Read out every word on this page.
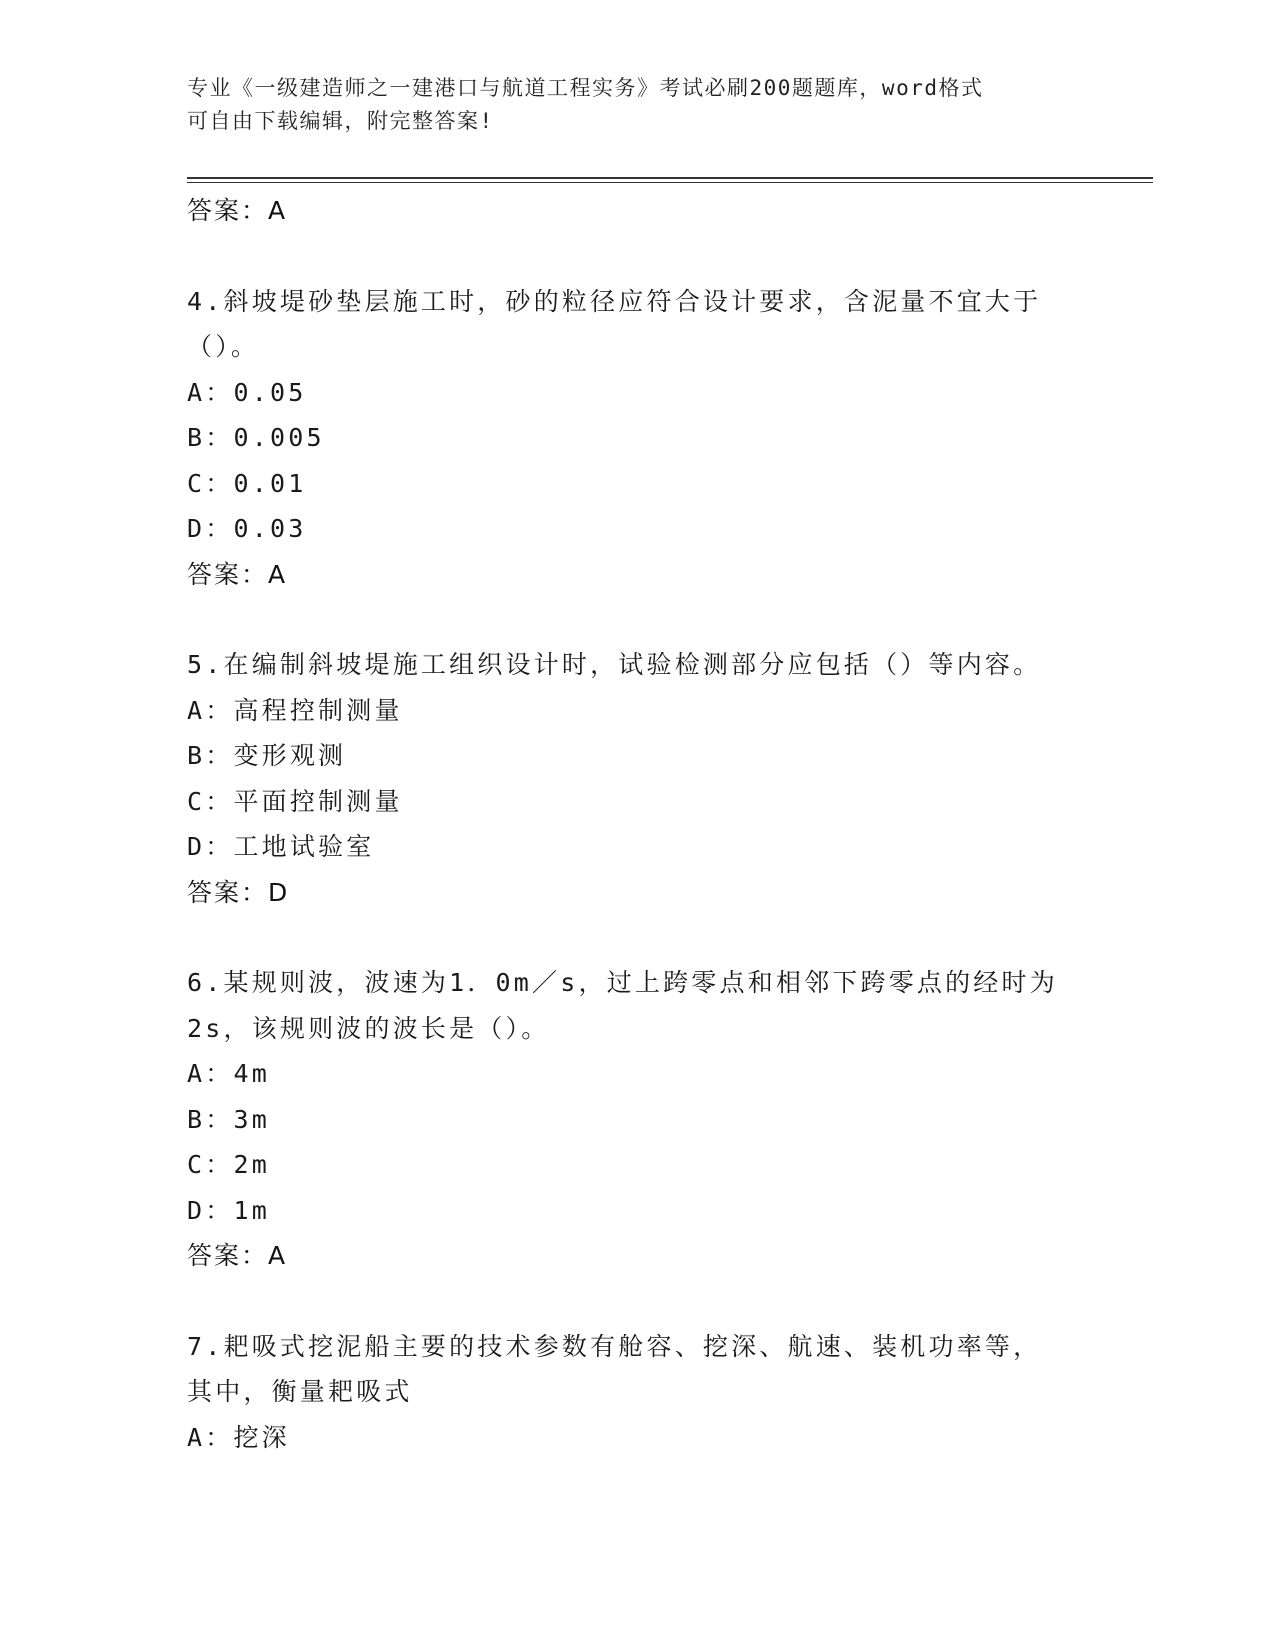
专业《一级建造师之一建港口与航道工程实务》考试必刷200题题库，word格式
可自由下载编辑，附完整答案!
答案：A
4.斜坡堤砂垫层施工时，砂的粒径应符合设计要求，含泥量不宜大于
（）。
A：0.05
B：0.005
C：0.01
D：0.03
答案：A
5.在编制斜坡堤施工组织设计时，试验检测部分应包括（）等内容。
A：高程控制测量
B：变形观测
C：平面控制测量
D：工地试验室
答案：D
6.某规则波，波速为1．0m／s，过上跨零点和相邻下跨零点的经时为
2s，该规则波的波长是（）。
A：4m
B：3m
C：2m
D：1m
答案：A
7.耙吸式挖泥船主要的技术参数有舱容、挖深、航速、装机功率等，
其中，衡量耙吸式
A：挖深
